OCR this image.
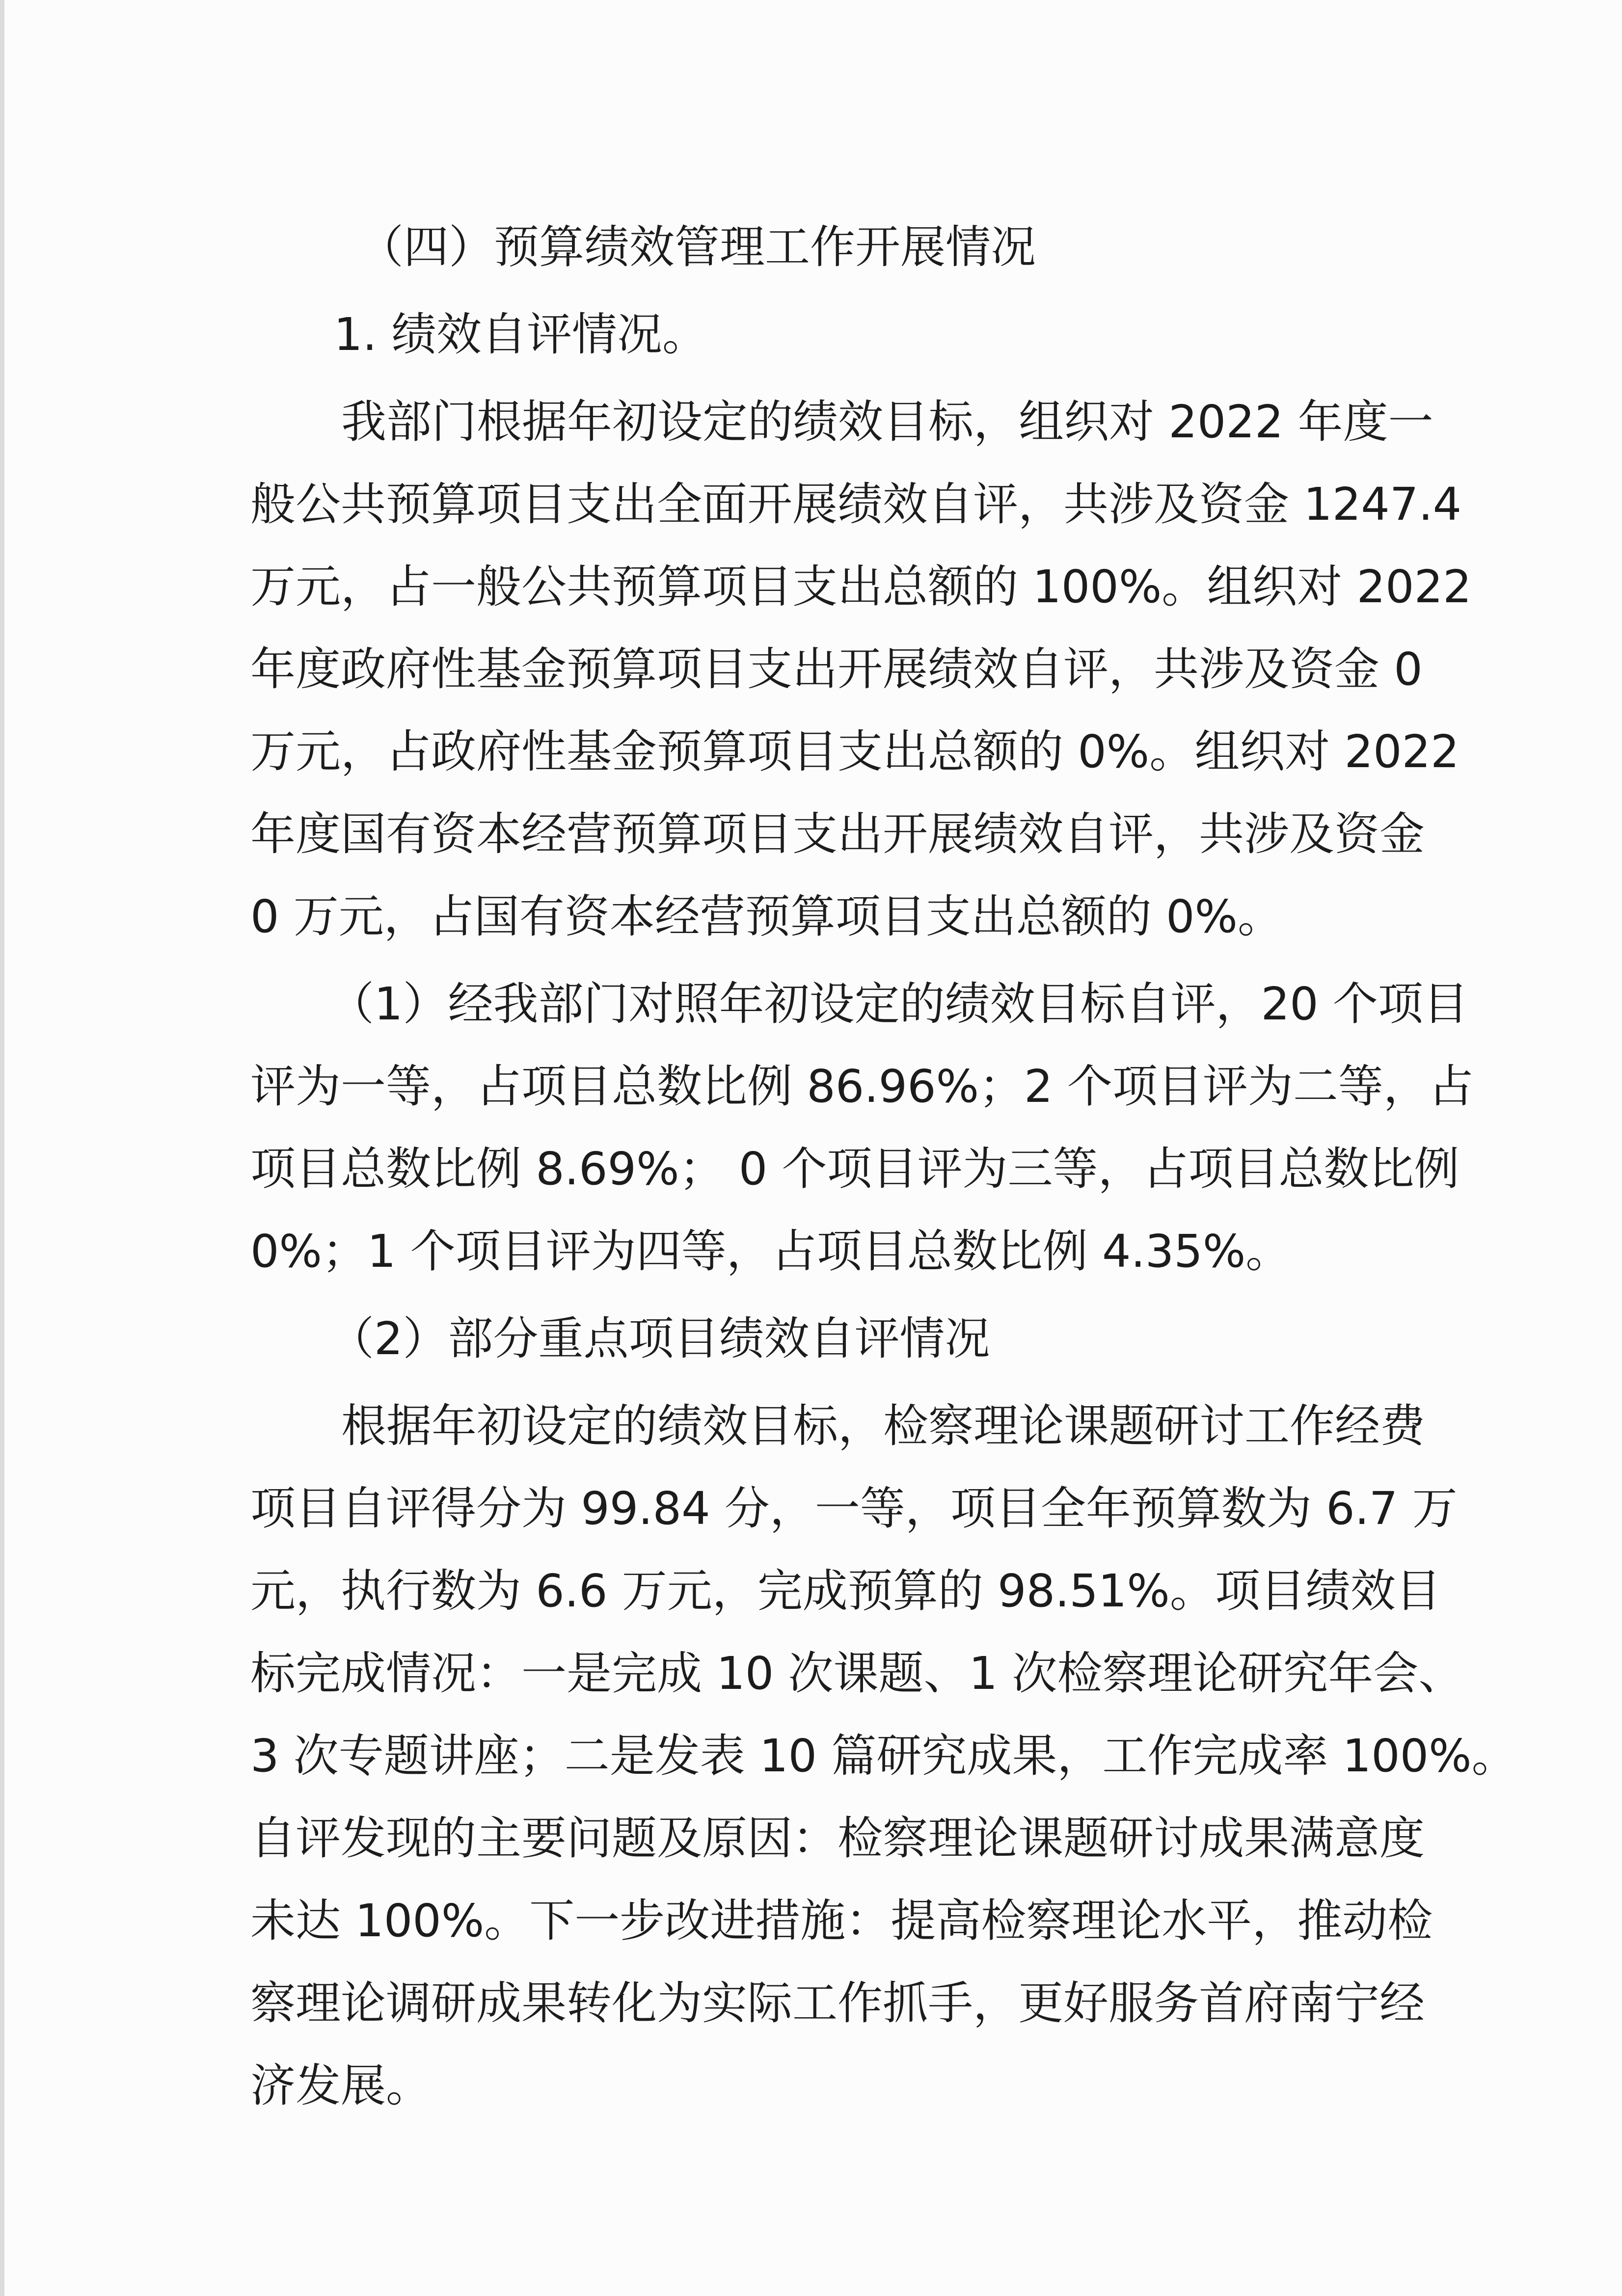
（四）预算绩效管理工作开展情况
1. 绩效自评情况。
我部门根据年初设定的绩效目标，组织对 2022 年度一
般公共预算项目支出全面开展绩效自评，共涉及资金 1247.4
万元，占一般公共预算项目支出总额的 100%。组织对 2022
年度政府性基金预算项目支出开展绩效自评，共涉及资金 0
万元，占政府性基金预算项目支出总额的 0%。组织对 2022
年度国有资本经营预算项目支出开展绩效自评，共涉及资金
0 万元，占国有资本经营预算项目支出总额的 0%。
（1）经我部门对照年初设定的绩效目标自评，20 个项目
评为一等，占项目总数比例 86.96%；2 个项目评为二等，占
项目总数比例 8.69%； 0 个项目评为三等，占项目总数比例
0%；1 个项目评为四等，占项目总数比例 4.35%。
（2）部分重点项目绩效自评情况
根据年初设定的绩效目标，检察理论课题研讨工作经费
项目自评得分为 99.84 分，一等，项目全年预算数为 6.7 万
元，执行数为 6.6 万元，完成预算的 98.51%。项目绩效目
标完成情况：一是完成 10 次课题、1 次检察理论研究年会、
3 次专题讲座；二是发表 10 篇研究成果，工作完成率 100%。
自评发现的主要问题及原因：检察理论课题研讨成果满意度
未达 100%。下一步改进措施：提高检察理论水平，推动检
察理论调研成果转化为实际工作抓手，更好服务首府南宁经
济发展。
